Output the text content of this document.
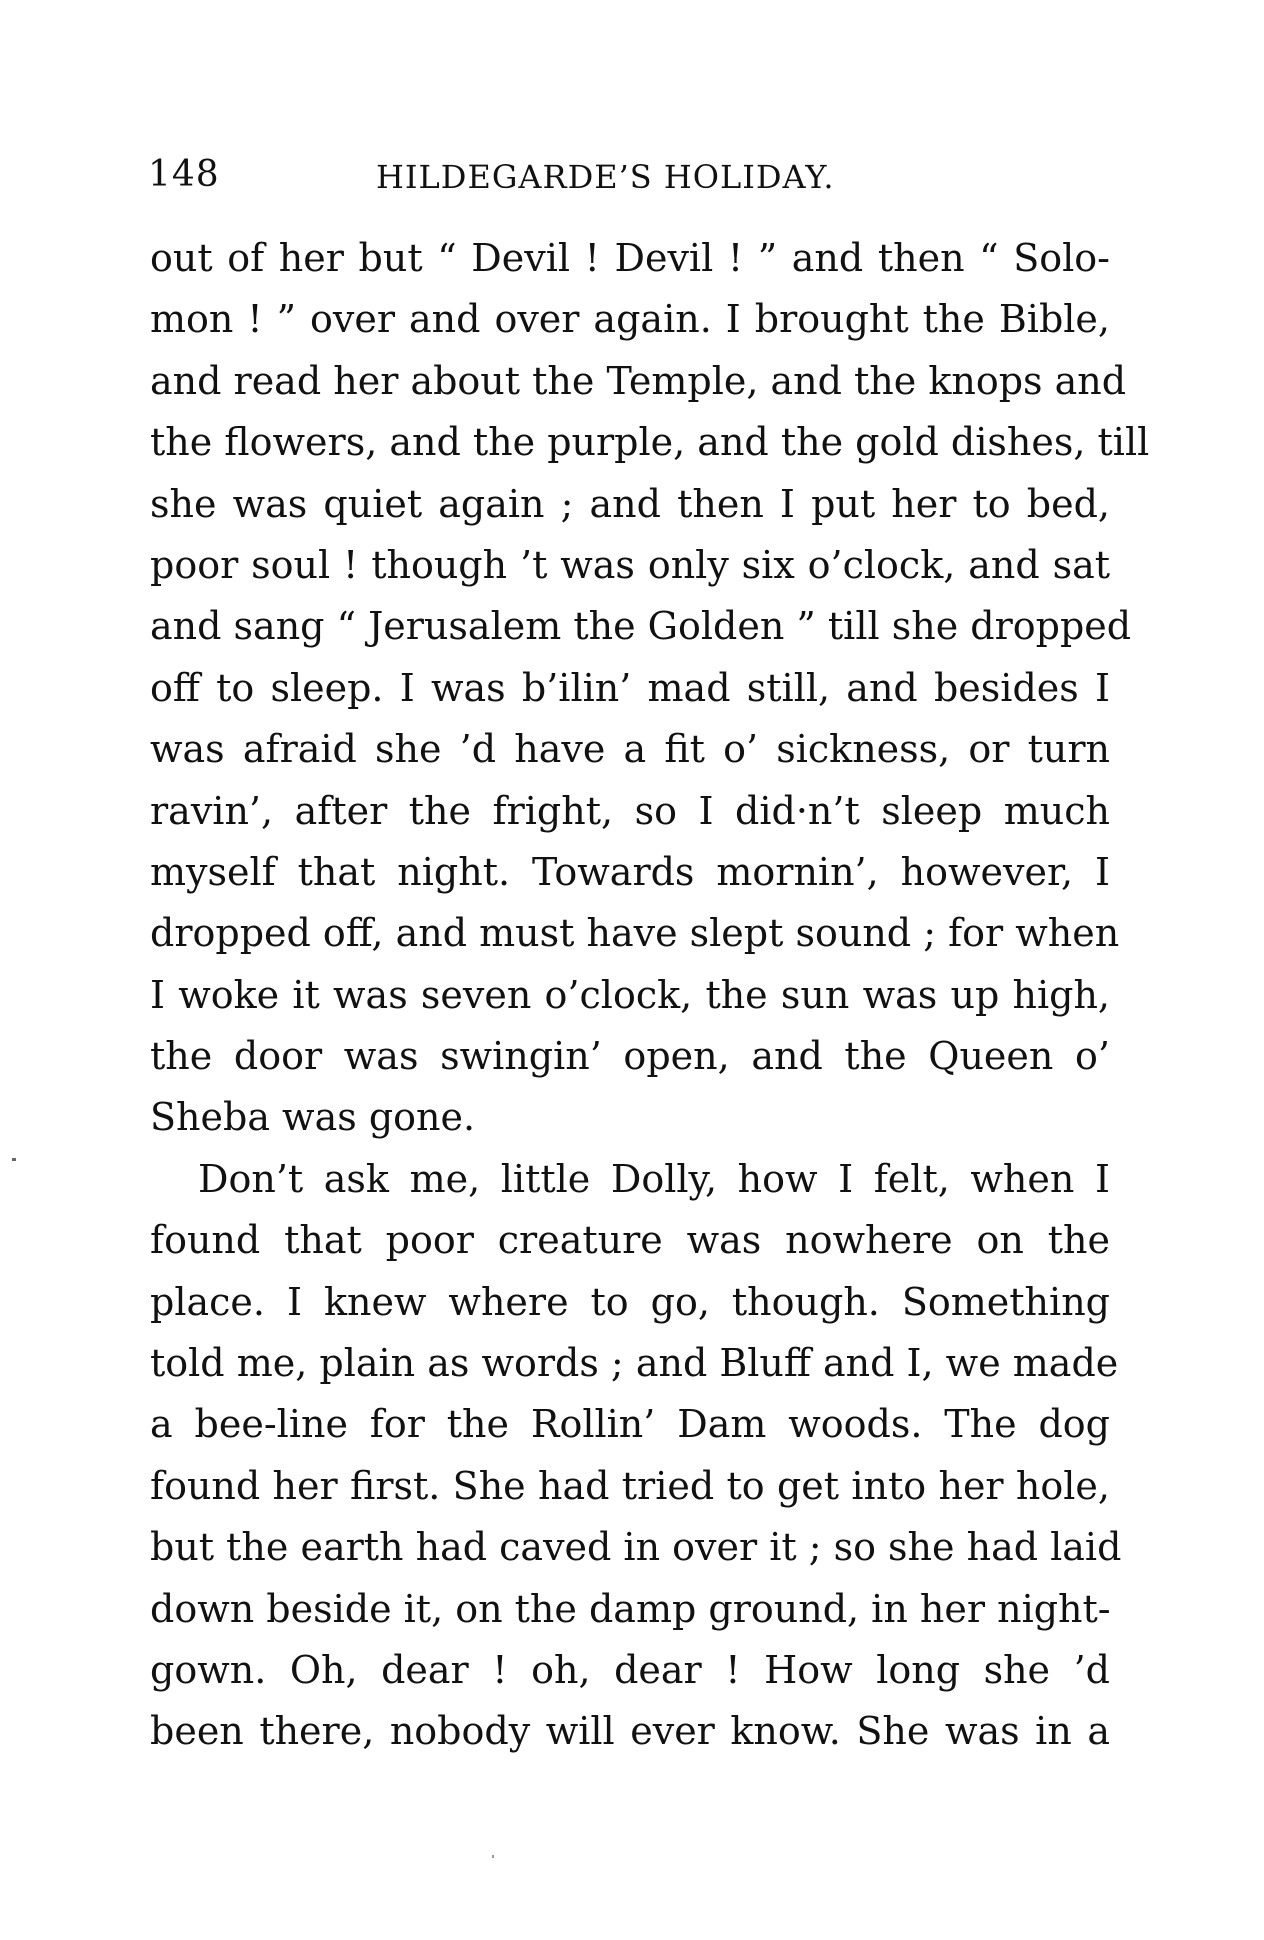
148	HILDEGARDE’S HOLIDAY.
out of her but “ Devil ! Devil ! ” and then “ Solo-
mon ! ” over and over again. I brought the Bible,
and read her about the Temple, and the knops and
the flowers, and the purple, and the gold dishes, till
she was quiet again ; and then I put her to bed,
poor soul ! though ’t was only six o’clock, and sat
and sang “ Jerusalem the Golden ” till she dropped
off to sleep. I was b’ilin’ mad still, and besides I
was afraid she ’d have a fit o’ sickness, or turn
ravin’, after the fright, so I did·n’t sleep much
myself that night. Towards mornin’, however, I
dropped off, and must have slept sound ; for when
I woke it was seven o’clock, the sun was up high,
the door was swingin’ open, and the Queen o’
Sheba was gone.
Don’t ask me, little Dolly, how I felt, when I
found that poor creature was nowhere on the
place. I knew where to go, though. Something
told me, plain as words ; and Bluff and I, we made
a bee-line for the Rollin’ Dam woods. The dog
found her first. She had tried to get into her hole,
but the earth had caved in over it ; so she had laid
down beside it, on the damp ground, in her night-
gown. Oh, dear ! oh, dear ! How long she ’d
been there, nobody will ever know. She was in a
